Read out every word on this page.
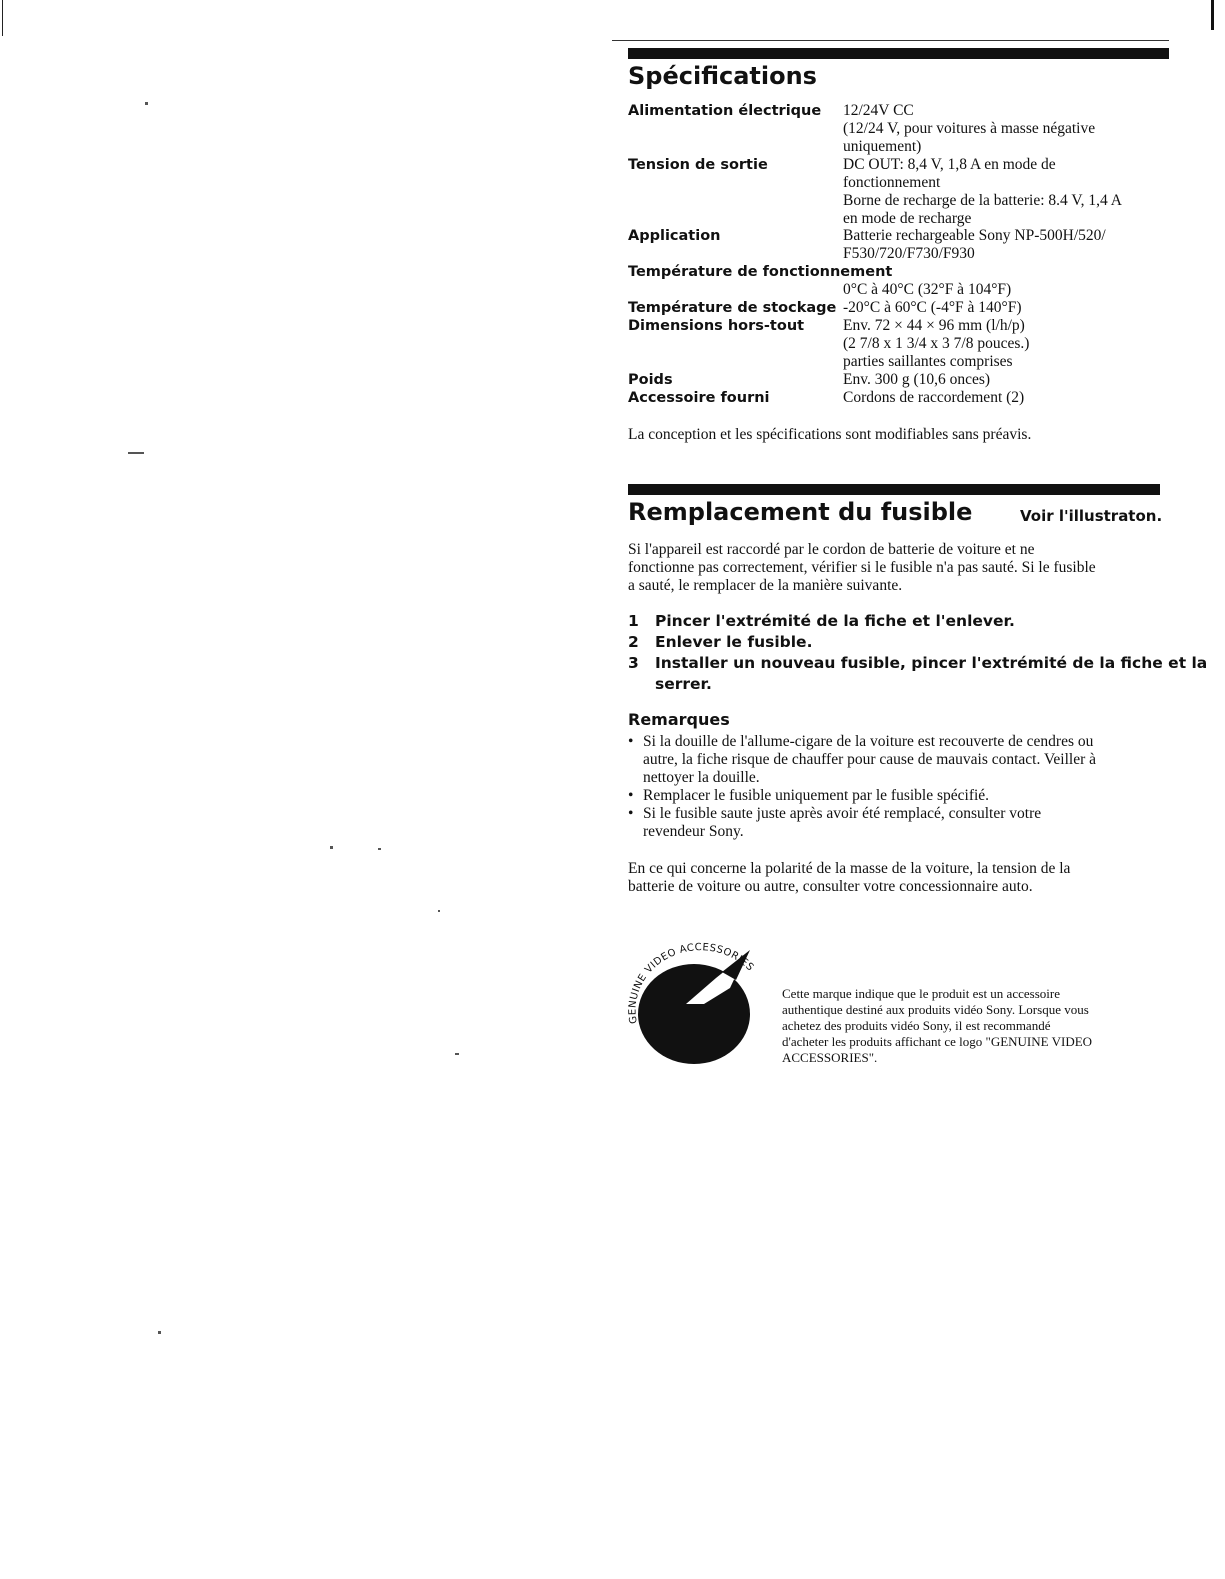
Spécifications
Alimentation électrique 12/24V CC
(12/24 V, pour voitures à masse négative
uniquement)
Tension de sortie	DC OUT: 8,4 V, 1,8 A en mode de
fonctionnement
Borne de recharge de la batterie: 8.4 V, 1,4 A
en mode de recharge
Application	Batterie rechargeable Sony NP-500H/520/
F530/720/F730/F930
Température de fonctionnement
0°C à 40°C (32°F à 104°F)
Température de stockage -20°C à 60°C (-4°F à 140°F)
Dimensions hors-tout	Env. 72 × 44 × 96 mm (l/h/p)
(2 7/8 x 1 3/4 x 3 7/8 pouces.)
parties saillantes comprises
Poids	Env. 300 g (10,6 onces)
Accessoire fourni	Cordons de raccordement (2)
La conception et les spécifications sont modifiables sans préavis.
Remplacement du fusible	Voir l'illustraton.
Si l'appareil est raccordé par le cordon de batterie de voiture et ne
fonctionne pas correctement, vérifier si le fusible n'a pas sauté. Si le fusible
a sauté, le remplacer de la manière suivante.
1 Pincer l'extrémité de la fiche et l'enlever.
2 Enlever le fusible.
3 Installer un nouveau fusible, pincer l'extrémité de la fiche et la
serrer.
Remarques
• Si la douille de l'allume-cigare de la voiture est recouverte de cendres ou
autre, la fiche risque de chauffer pour cause de mauvais contact. Veiller à
nettoyer la douille.
• Remplacer le fusible uniquement par le fusible spécifié.
• Si le fusible saute juste après avoir été remplacé, consulter votre
revendeur Sony.
En ce qui concerne la polarité de la masse de la voiture, la tension de la
batterie de voiture ou autre, consulter votre concessionnaire auto.
GENUINE VIDEO ACCESSORIES
Cette marque indique que le produit est un accessoire
authentique destiné aux produits vidéo Sony. Lorsque vous
achetez des produits vidéo Sony, il est recommandé
d'acheter les produits affichant ce logo "GENUINE VIDEO
ACCESSORIES".
